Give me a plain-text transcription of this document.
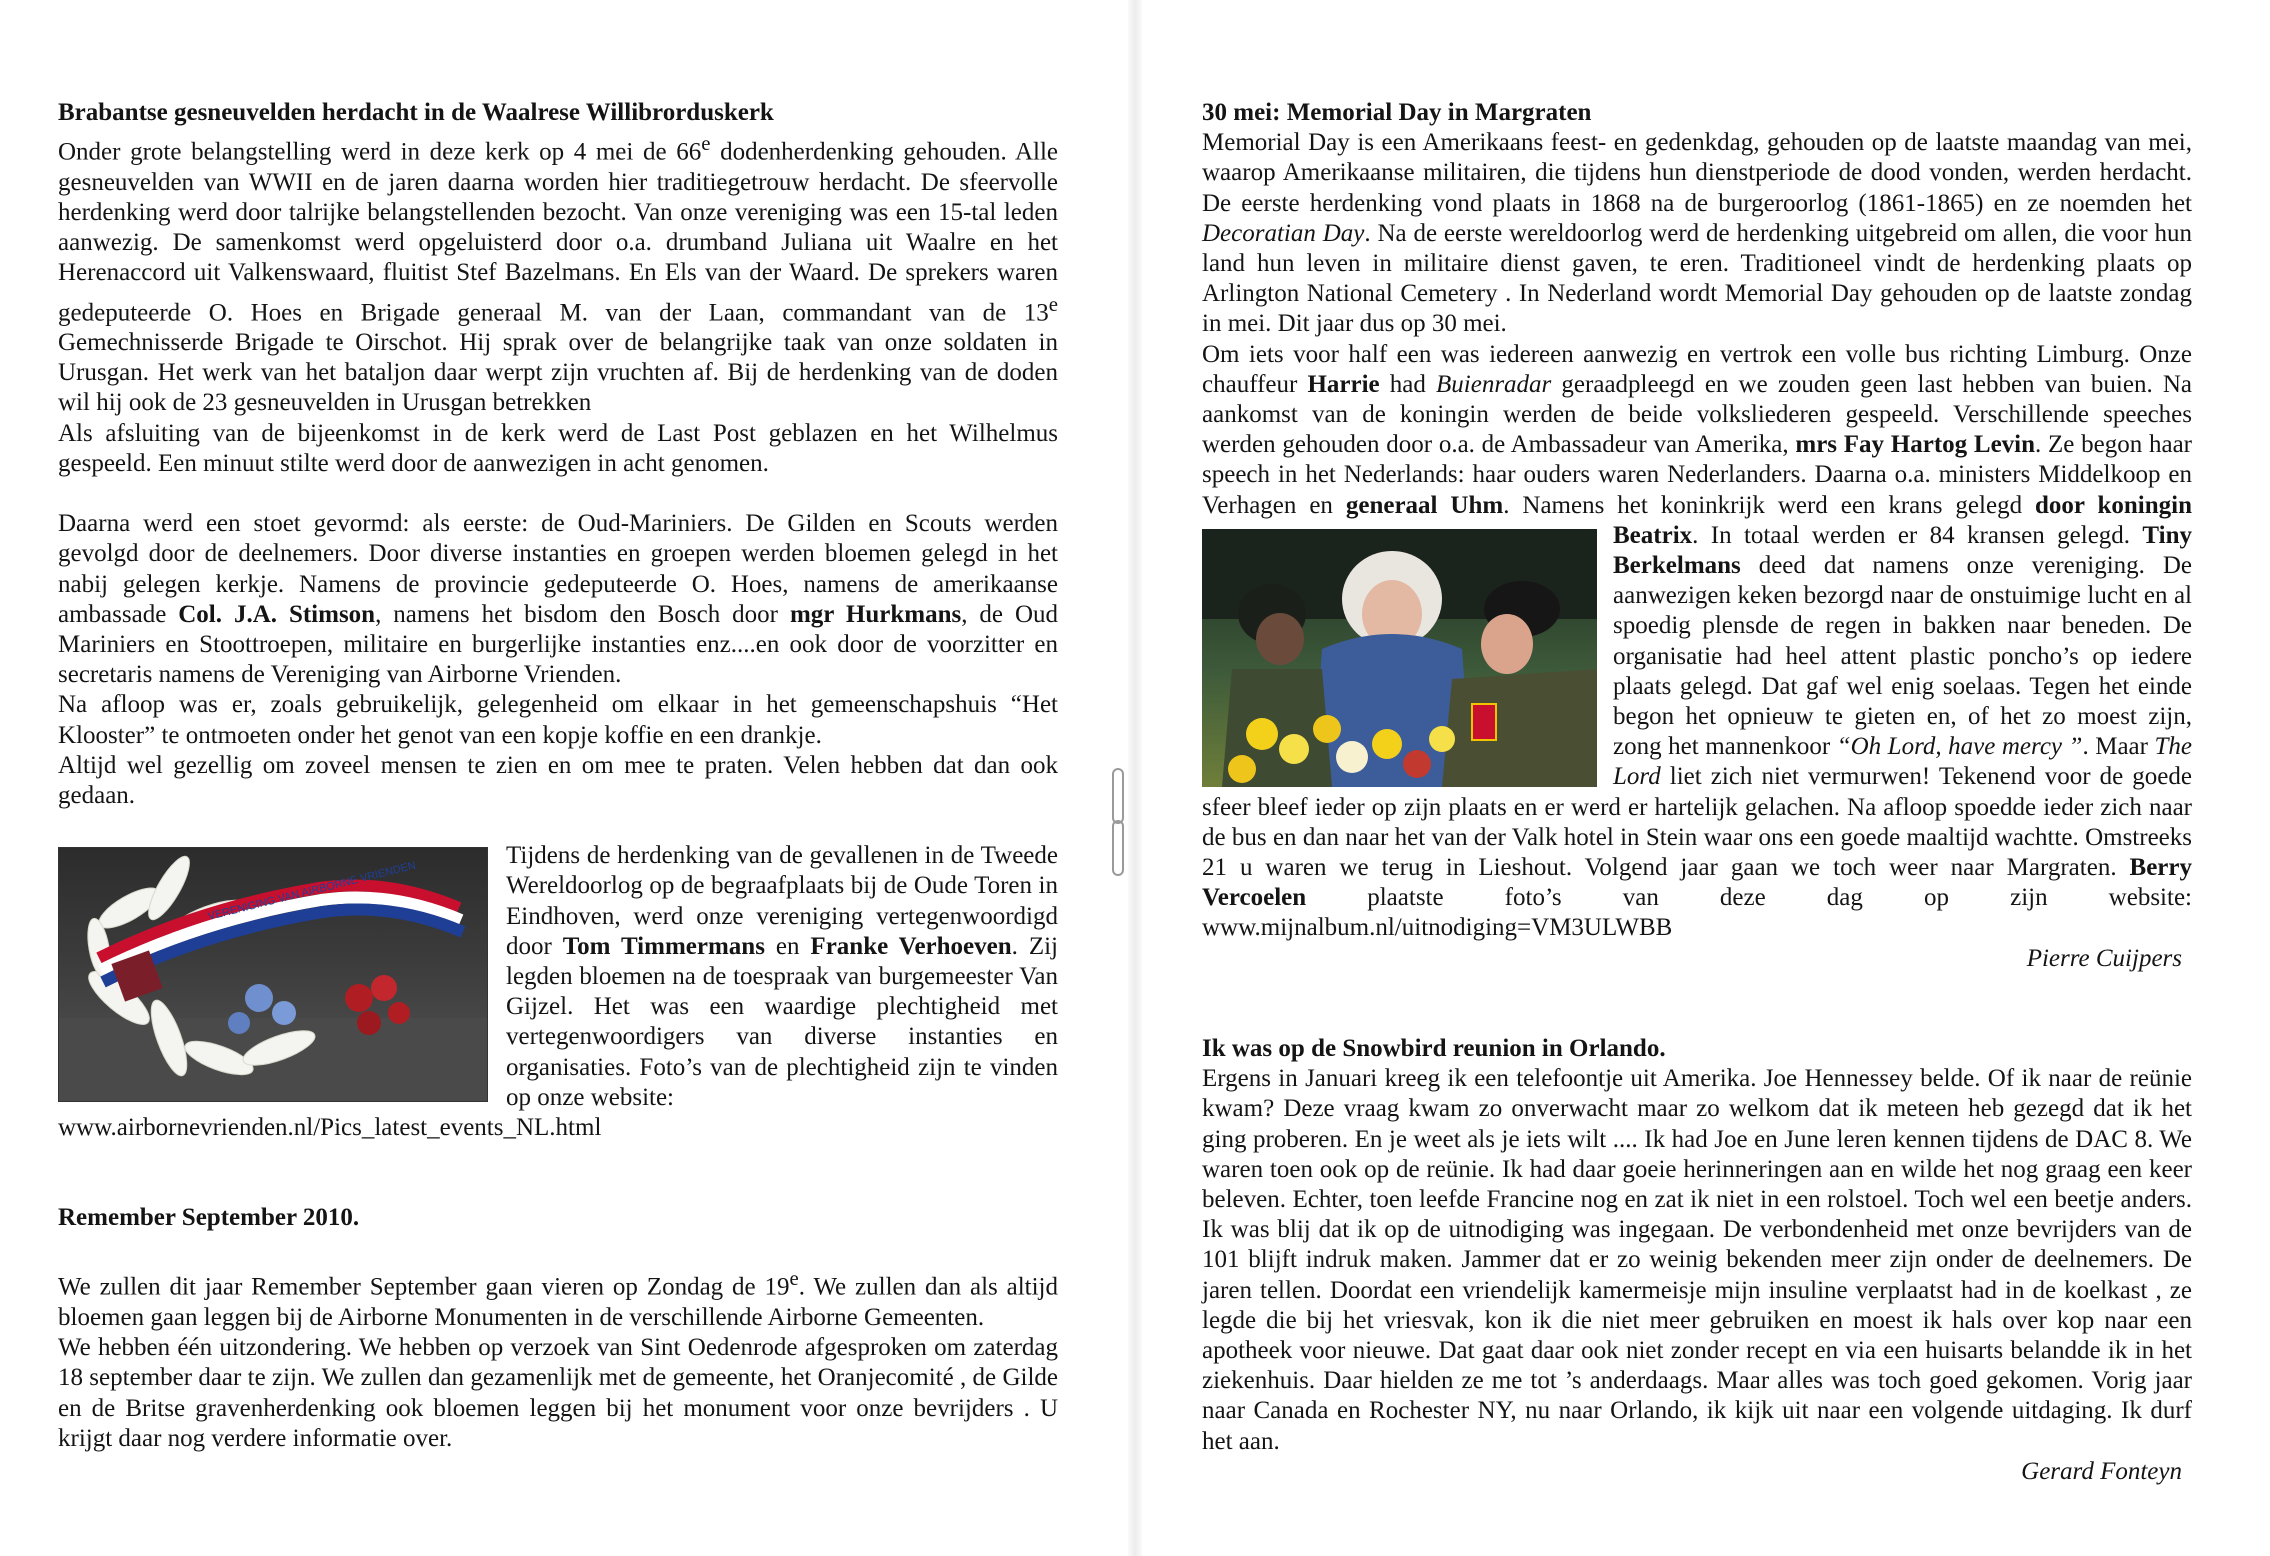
Brabantse gesneuvelden herdacht in de Waalrese Willibrorduskerk

Onder grote belangstelling werd in deze kerk op 4 mei de 66e dodenherdenking gehouden. Alle gesneuvelden van WWII en de jaren daarna worden hier traditiegetrouw herdacht. De sfeervolle herdenking werd door talrijke belangstellenden bezocht. Van onze vereniging was een 15-tal leden aanwezig. De samenkomst werd opgeluisterd door o.a. drumband Juliana uit Waalre en het Herenaccord uit Valkenswaard, fluitist Stef Bazelmans. En Els van der Waard. De sprekers waren gedeputeerde O. Hoes en Brigade generaal M. van der Laan, commandant van de 13e Gemechnisserde Brigade te Oirschot. Hij sprak over de belangrijke taak van onze soldaten in Urusgan. Het werk van het bataljon daar werpt zijn vruchten af. Bij de herdenking van de doden wil hij ook de 23 gesneuvelden in Urusgan betrekken

Als afsluiting van de bijeenkomst in de kerk werd de Last Post geblazen en het Wilhelmus gespeeld. Een minuut stilte werd door de aanwezigen in acht genomen.

Daarna werd een stoet gevormd: als eerste: de Oud-Mariniers. De Gilden en Scouts werden gevolgd door de deelnemers. Door diverse instanties en groepen werden bloemen gelegd in het nabij gelegen kerkje. Namens de provincie gedeputeerde O. Hoes, namens de amerikaanse ambassade Col. J.A. Stimson, namens het bisdom den Bosch door mgr Hurkmans, de Oud Mariniers en Stoottroepen, militaire en burgerlijke instanties enz....en ook door de voorzitter en secretaris namens de Vereniging van Airborne Vrienden.

Na afloop was er, zoals gebruikelijk, gelegenheid om elkaar in het gemeenschapshuis “Het Klooster” te ontmoeten onder het genot van een kopje koffie en een drankje.

Altijd wel gezellig om zoveel mensen te zien en om mee te praten. Velen hebben dat dan ook gedaan.

VERENIGING VAN AIRBORNE VRIENDEN

Tijdens de herdenking van de gevallenen in de Tweede Wereldoorlog op de begraafplaats bij de Oude Toren in Eindhoven, werd onze vereniging vertegenwoordigd door Tom Timmermans en Franke Verhoeven. Zij legden bloemen na de toespraak van burgemeester Van Gijzel. Het was een waardige plechtigheid met vertegenwoordigers van diverse instanties en organisaties. Foto’s van de plechtigheid zijn te vinden op onze website:

www.airbornevrienden.nl/Pics_latest_events_NL.html

Remember September 2010.

We zullen dit jaar Remember September gaan vieren op Zondag de 19e. We zullen dan als altijd bloemen gaan leggen bij de Airborne Monumenten in de verschillende Airborne Gemeenten.

We hebben één uitzondering. We hebben op verzoek van Sint Oedenrode afgesproken om zaterdag 18 september daar te zijn. We zullen dan gezamenlijk met de gemeente, het Oranjecomité , de Gilde en de Britse gravenherdenking ook bloemen leggen bij het monument voor onze bevrijders . U krijgt daar nog verdere informatie over.

30 mei: Memorial Day in Margraten

Memorial Day is een Amerikaans feest- en gedenkdag, gehouden op de laatste maandag van mei, waarop Amerikaanse militairen, die tijdens hun dienstperiode de dood vonden, werden herdacht. De eerste herdenking vond plaats in 1868 na de burgeroorlog (1861-1865) en ze noemden het Decoratian Day. Na de eerste wereldoorlog werd de herdenking uitgebreid om allen, die voor hun land hun leven in militaire dienst gaven, te eren. Traditioneel vindt de herdenking plaats op Arlington National Cemetery . In Nederland wordt Memorial Day gehouden op de laatste zondag in mei. Dit jaar dus op 30 mei.

Om iets voor half een was iedereen aanwezig en vertrok een volle bus richting Limburg. Onze chauffeur Harrie had Buienradar geraadpleegd en we zouden geen last hebben van buien. Na aankomst van de koningin werden de beide volksliederen gespeeld. Verschillende speeches werden gehouden door o.a. de Ambassadeur van Amerika, mrs Fay Hartog Levin. Ze begon haar speech in het Nederlands: haar ouders waren Nederlanders. Daarna o.a. ministers Middelkoop en Verhagen en generaal Uhm. Namens het koninkrijk werd een krans gelegd
door koningin Beatrix. In totaal werden er 84 kransen gelegd. Tiny Berkelmans deed dat namens onze vereniging. De aanwezigen keken bezorgd naar de onstuimige lucht en al spoedig plensde de regen in bakken naar beneden. De organisatie had heel attent plastic poncho’s op iedere plaats gelegd. Dat gaf wel enig soelaas. Tegen het einde begon het opnieuw te gieten en, of het zo moest zijn, zong het mannenkoor “Oh Lord, have mercy ”. Maar The Lord liet zich niet vermurwen! Tekenend voor de goede sfeer bleef ieder op zijn plaats en er werd er hartelijk gelachen. Na afloop spoedde ieder zich naar de bus en dan naar het van der Valk hotel in Stein waar ons een goede maaltijd wachtte. Omstreeks 21 u waren we terug in Lieshout. Volgend jaar gaan we toch weer naar Margraten. Berry Vercoelen plaatste foto’s van deze dag op zijn website: www.mijnalbum.nl/uitnodiging=VM3ULWBB

Pierre Cuijpers

Ik was op de Snowbird reunion in Orlando.

Ergens in Januari kreeg ik een telefoontje uit Amerika. Joe Hennessey belde. Of ik naar de reünie kwam? Deze vraag kwam zo onverwacht maar zo welkom dat ik meteen heb gezegd dat ik het ging proberen. En je weet als je iets wilt .... Ik had Joe en June leren kennen tijdens de DAC 8. We waren toen ook op de reünie. Ik had daar goeie herinneringen aan en wilde het nog graag een keer beleven. Echter, toen leefde Francine nog en zat ik niet in een rolstoel. Toch wel een beetje anders. Ik was blij dat ik op de uitnodiging was ingegaan. De verbondenheid met onze bevrijders van de 101 blijft indruk maken. Jammer dat er zo weinig bekenden meer zijn onder de deelnemers. De jaren tellen. Doordat een vriendelijk kamermeisje mijn insuline verplaatst had in de koelkast , ze legde die bij het vriesvak, kon ik die niet meer gebruiken en moest ik hals over kop naar een apotheek voor nieuwe. Dat gaat daar ook niet zonder recept en via een huisarts belandde ik in het ziekenhuis. Daar hielden ze me tot ’s anderdaags. Maar alles was toch goed gekomen. Vorig jaar naar Canada en Rochester NY, nu naar Orlando, ik kijk uit naar een volgende uitdaging. Ik durf het aan.

Gerard Fonteyn
